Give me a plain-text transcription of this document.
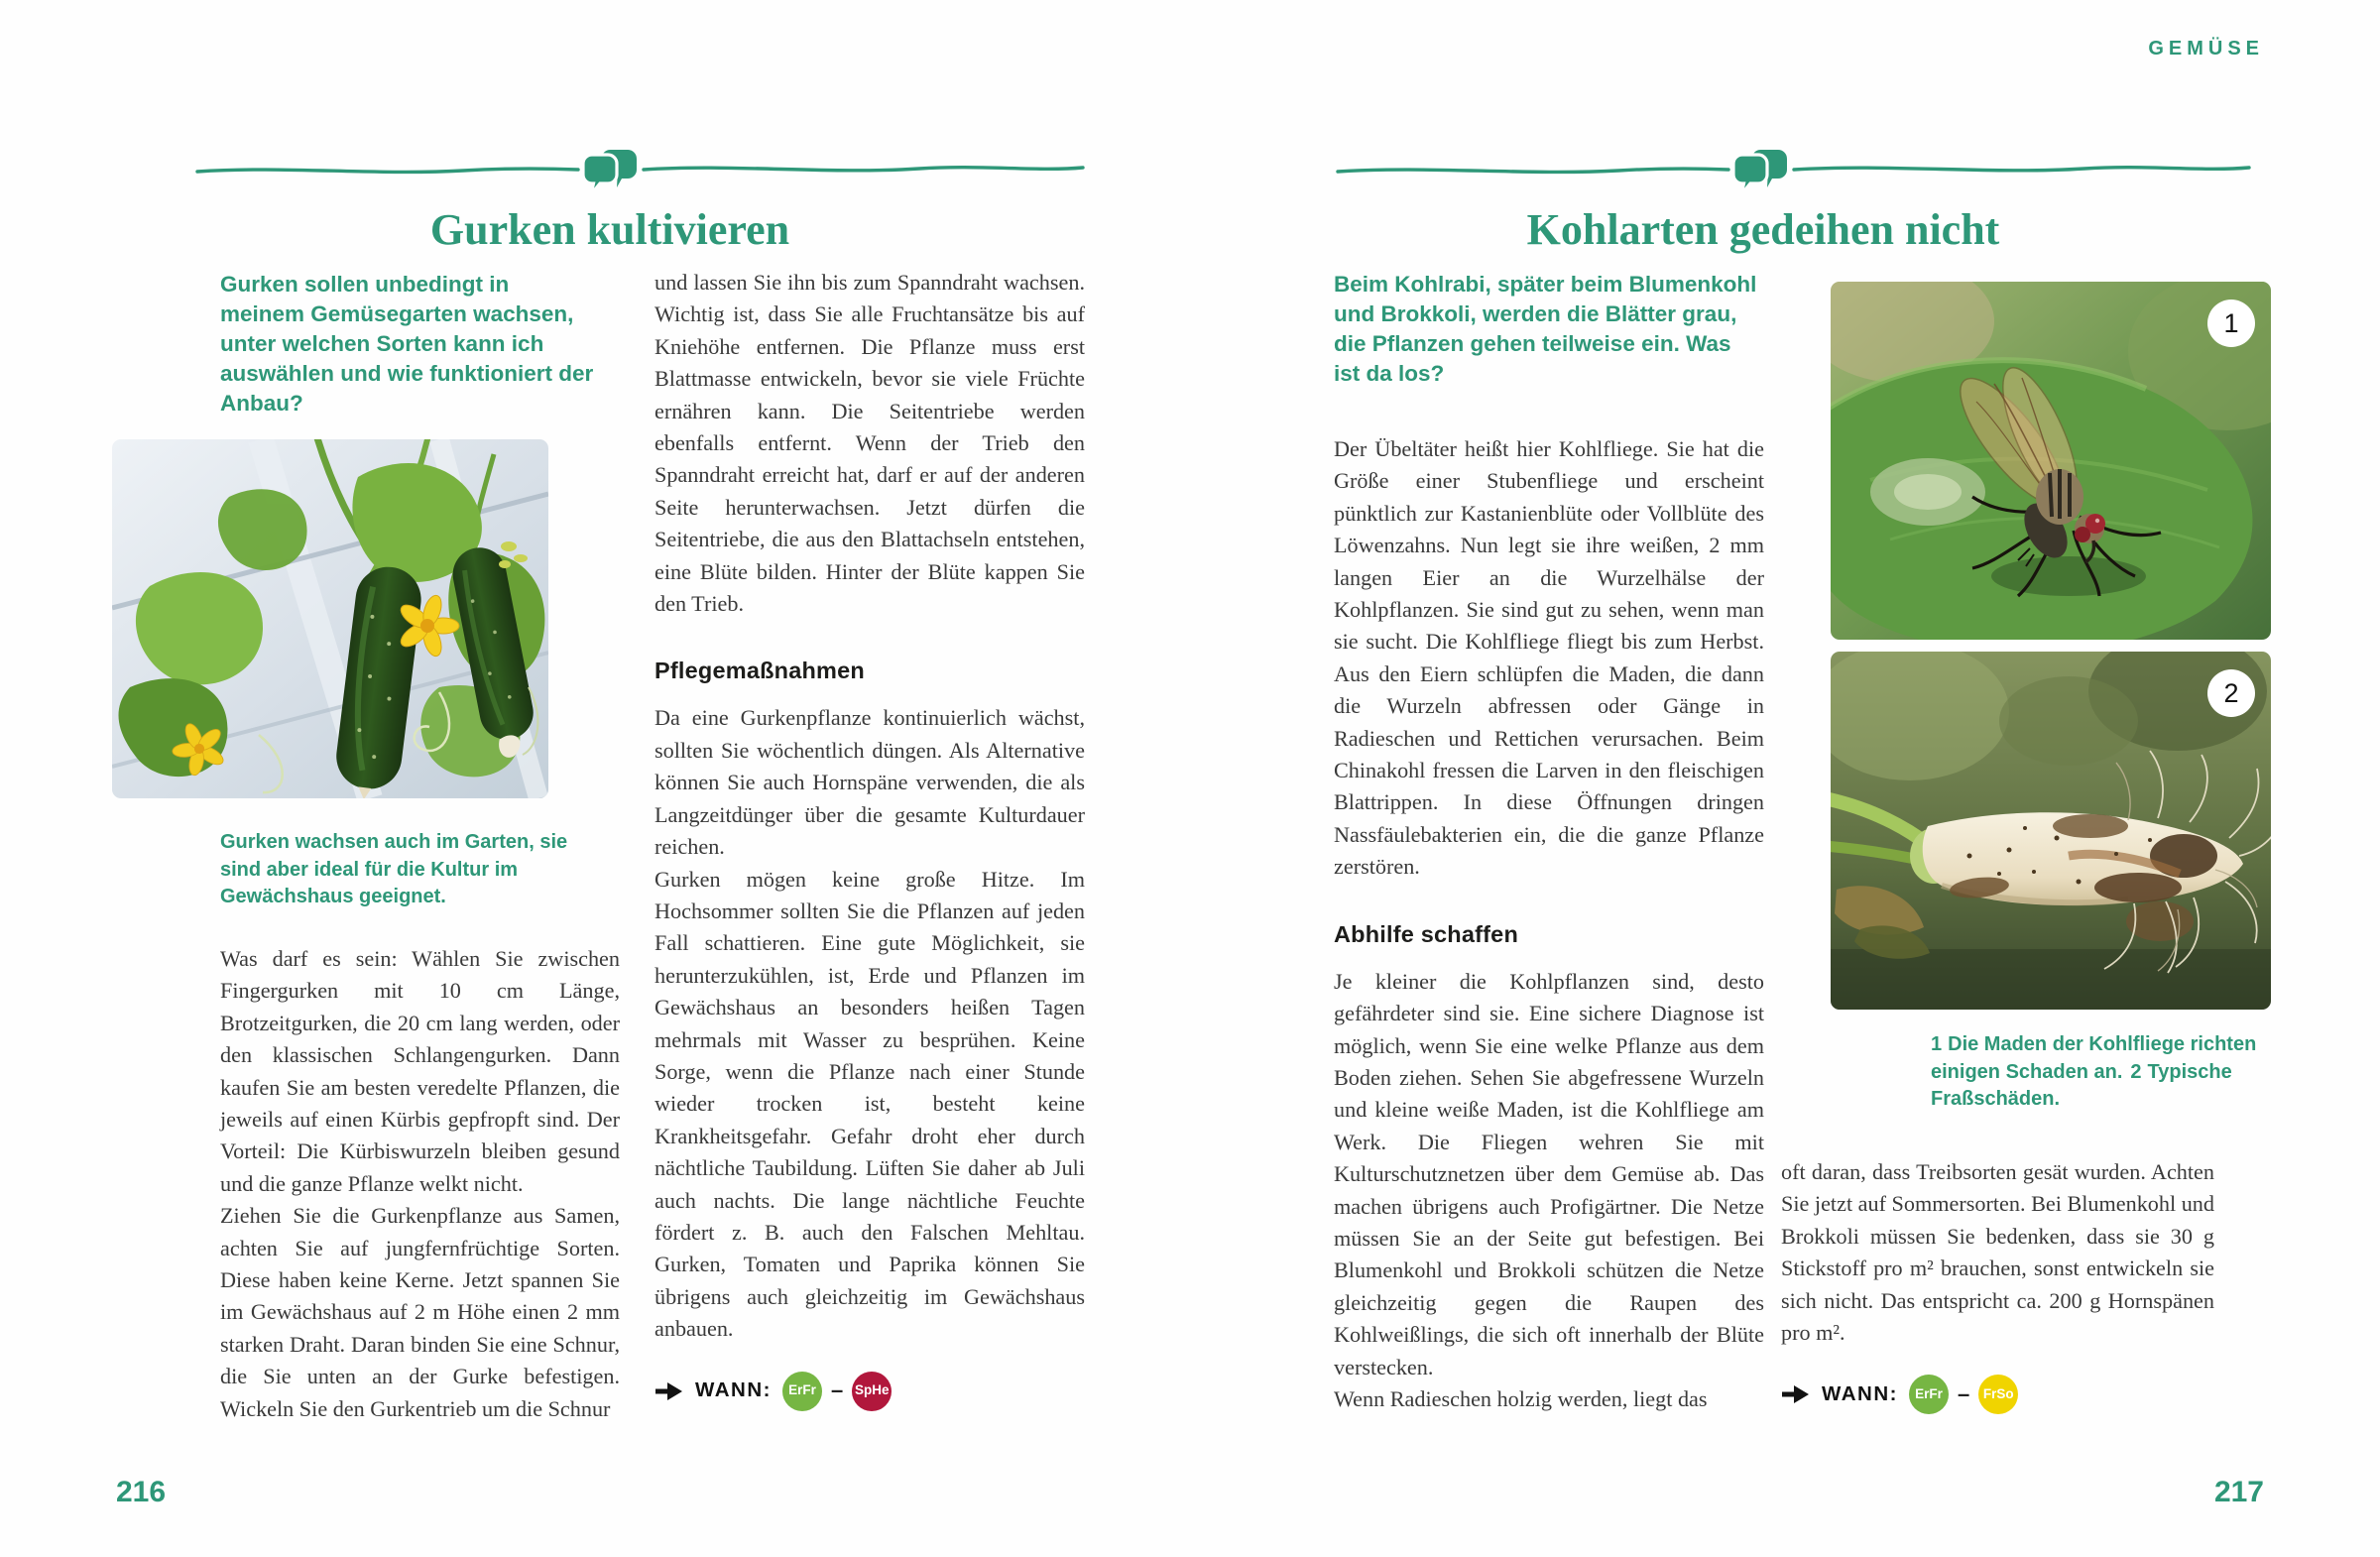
GEMÜSE
Gurken kultivieren
Gurken sollen unbedingt in meinem Gemüsegarten wachsen, unter welchen Sorten kann ich auswählen und wie funktioniert der Anbau?
Gurken wachsen auch im Garten, sie sind aber ideal für die Kultur im Gewächshaus geeignet.

Was darf es sein: Wählen Sie zwischen Fingergurken mit 10 cm Länge, Brotzeitgurken, die 20 cm lang werden, oder den klassischen Schlangengurken. Dann kaufen Sie am besten veredelte Pflanzen, die jeweils auf einen Kürbis gepfropft sind. Der Vorteil: Die Kürbiswurzeln bleiben gesund und die ganze Pflanze welkt nicht.

Ziehen Sie die Gurkenpflanze aus Samen, achten Sie auf jungfernfrüchtige Sorten. Diese haben keine Kerne. Jetzt spannen Sie im Gewächshaus auf 2 m Höhe einen 2 mm starken Draht. Daran binden Sie eine Schnur, die Sie unten an der Gurke befestigen. Wickeln Sie den Gurkentrieb um die Schnur

und lassen Sie ihn bis zum Spanndraht wachsen. Wichtig ist, dass Sie alle Fruchtansätze bis auf Kniehöhe entfernen. Die Pflanze muss erst Blattmasse entwickeln, bevor sie viele Früchte ernähren kann. Die Seitentriebe werden ebenfalls entfernt. Wenn der Trieb den Spanndraht erreicht hat, darf er auf der anderen Seite herunterwachsen. Jetzt dürfen die Seitentriebe, die aus den Blattachseln entstehen, eine Blüte bilden. Hinter der Blüte kappen Sie den Trieb.

Pflegemaßnahmen

Da eine Gurkenpflanze kontinuierlich wächst, sollten Sie wöchentlich düngen. Als Alternative können Sie auch Hornspäne verwenden, die als Langzeitdünger über die gesamte Kulturdauer reichen.

Gurken mögen keine große Hitze. Im Hochsommer sollten Sie die Pflanzen auf jeden Fall schattieren. Eine gute Möglichkeit, sie herunterzukühlen, ist, Erde und Pflanzen im Gewächshaus an besonders heißen Tagen mehrmals mit Wasser zu besprühen. Keine Sorge, wenn die Pflanze nach einer Stunde wieder trocken ist, besteht keine Krankheitsgefahr. Gefahr droht eher durch nächtliche Taubildung. Lüften Sie daher ab Juli auch nachts. Die lange nächtliche Feuchte fördert z. B. auch den Falschen Mehltau. Gurken, Tomaten und Paprika können Sie übrigens auch gleichzeitig im Gewächshaus anbauen.

WANN:	ErFr – SpHe
216
Kohlarten gedeihen nicht
Beim Kohlrabi, später beim Blumenkohl und Brokkoli, werden die Blätter grau, die Pflanzen gehen teilweise ein. Was ist da los?

Der Übeltäter heißt hier Kohlfliege. Sie hat die Größe einer Stubenfliege und erscheint pünktlich zur Kastanienblüte oder Vollblüte des Löwenzahns. Nun legt sie ihre weißen, 2 mm langen Eier an die Wurzelhälse der Kohlpflanzen. Sie sind gut zu sehen, wenn man sie sucht. Die Kohlfliege fliegt bis zum Herbst. Aus den Eiern schlüpfen die Maden, die dann die Wurzeln abfressen oder Gänge in Radieschen und Rettichen verursachen. Beim Chinakohl fressen die Larven in den fleischigen Blattrippen. In diese Öffnungen dringen Nassfäulebakterien ein, die die ganze Pflanze zerstören.

Abhilfe schaffen

Je kleiner die Kohlpflanzen sind, desto gefährdeter sind sie. Eine sichere Diagnose ist möglich, wenn Sie eine welke Pflanze aus dem Boden ziehen. Sehen Sie abgefressene Wurzeln und kleine weiße Maden, ist die Kohlfliege am Werk. Die Fliegen wehren Sie mit Kulturschutznetzen über dem Gemüse ab. Das machen übrigens auch Profigärtner. Die Netze müssen Sie an der Seite gut befestigen. Bei Blumenkohl und Brokkoli schützen die Netze gleichzeitig gegen die Raupen des Kohlweißlings, die sich oft innerhalb der Blüte verstecken.

Wenn Radieschen holzig werden, liegt das

1
2
1 Die Maden der Kohlfliege richten einigen Schaden an. 2 Typische Fraßschäden.

oft daran, dass Treibsorten gesät wurden. Achten Sie jetzt auf Sommersorten. Bei Blumenkohl und Brokkoli müssen Sie bedenken, dass sie 30 g Stickstoff pro m² brauchen, sonst entwickeln sie sich nicht. Das entspricht ca. 200 g Hornspänen pro m².

WANN:	ErFr –	FrSo
217
